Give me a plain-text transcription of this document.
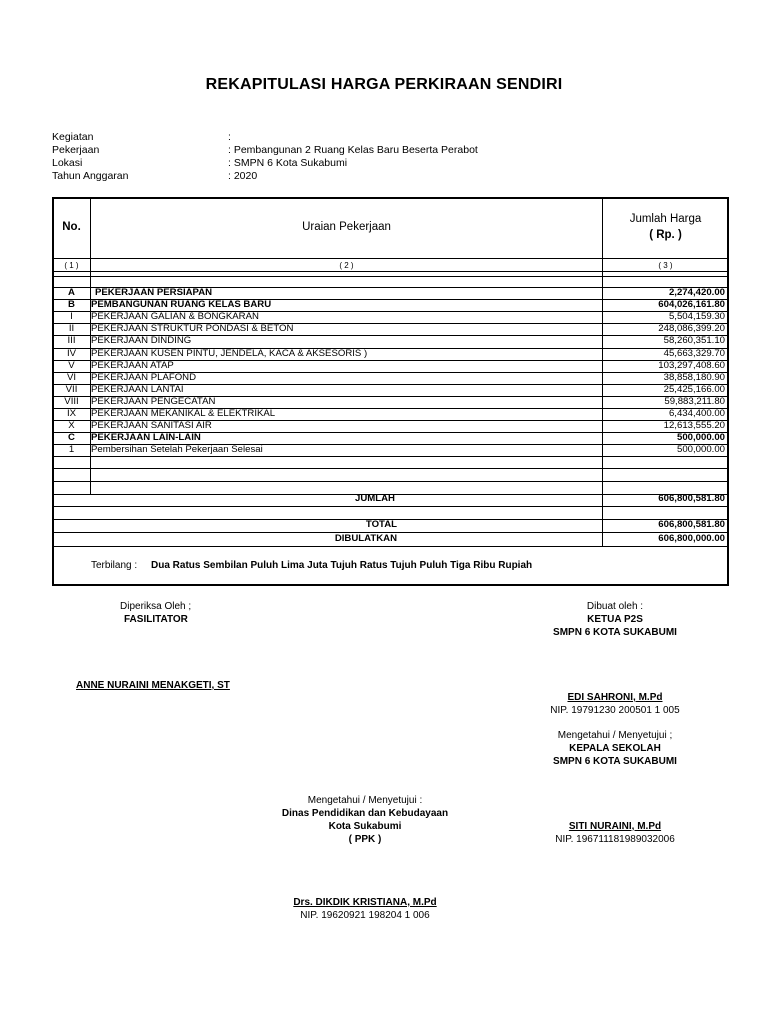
REKAPITULASI HARGA PERKIRAAN SENDIRI
Kegiatan	:
Pekerjaan	: Pembangunan 2 Ruang Kelas Baru Beserta Perabot
Lokasi	: SMPN 6 Kota Sukabumi
Tahun Anggaran	: 2020
No.	Uraian Pekerjaan
Jumlah Harga
( Rp. )
( 1 )	( 2 )	( 3 )
A	PEKERJAAN PERSIAPAN	2,274,420.00
B	PEMBANGUNAN RUANG KELAS BARU	604,026,161.80
I	PEKERJAAN GALIAN & BONGKARAN	5,504,159.30
II	PEKERJAAN STRUKTUR PONDASI & BETON	248,086,399.20
III	PEKERJAAN DINDING	58,260,351.10
IV	PEKERJAAN KUSEN PINTU, JENDELA, KACA & AKSESORIS )	45,663,329.70
V	PEKERJAAN ATAP	103,297,408.60
VI	PEKERJAAN PLAFOND	38,858,180.90
VII	PEKERJAAN LANTAI	25,425,166.00
VIII	PEKERJAAN PENGECATAN	59,883,211.80
IX	PEKERJAAN MEKANIKAL & ELEKTRIKAL	6,434,400.00
X	PEKERJAAN SANITASI AIR	12,613,555.20
C	PEKERJAAN LAIN-LAIN	500,000.00
1	Pembersihan Setelah Pekerjaan Selesai	500,000.00
JUMLAH	606,800,581.80
TOTAL	606,800,581.80
DIBULATKAN	606,800,000.00
Terbilang : Dua Ratus Sembilan Puluh Lima Juta Tujuh Ratus Tujuh Puluh Tiga Ribu Rupiah
Diperiksa Oleh ;
FASILITATOR
ANNE NURAINI MENAKGETI, ST
Dibuat oleh :
KETUA P2S
SMPN 6 KOTA SUKABUMI
EDI SAHRONI, M.Pd
NIP. 19791230 200501 1 005
Mengetahui / Menyetujui ;
KEPALA SEKOLAH
SMPN 6 KOTA SUKABUMI
SITI NURAINI, M.Pd
NIP. 196711181989032006
Mengetahui / Menyetujui :
Dinas Pendidikan dan Kebudayaan
Kota Sukabumi
( PPK )
Drs. DIKDIK KRISTIANA, M.Pd
NIP. 19620921 198204 1 006
